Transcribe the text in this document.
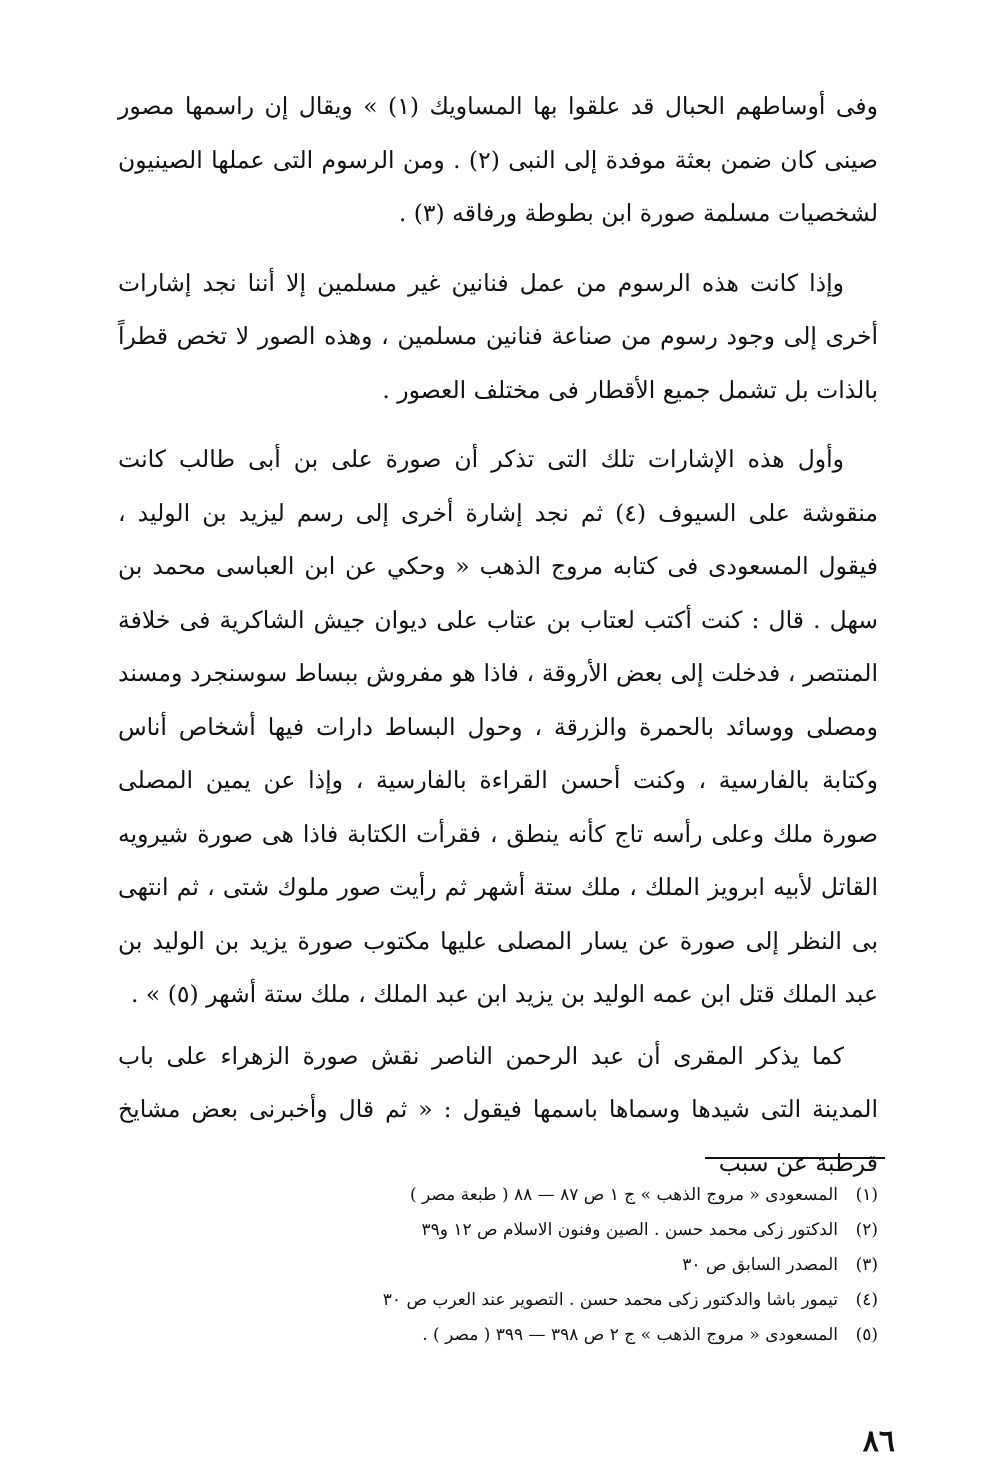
وفى أوساطهم الحبال قد علقوا بها المساويك (١) » ويقال إن راسمها مصور صينى كان ضمن بعثة موفدة إلى النبى (٢) . ومن الرسوم التى عملها الصينيون لشخصيات مسلمة صورة ابن بطوطة ورفاقه (٣) .

وإذا كانت هذه الرسوم من عمل فنانين غير مسلمين إلا أننا نجد إشارات أخرى إلى وجود رسوم من صناعة فنانين مسلمين ، وهذه الصور لا تخص قطراً بالذات بل تشمل جميع الأقطار فى مختلف العصور .

وأول هذه الإشارات تلك التى تذكر أن صورة على بن أبى طالب كانت منقوشة على السيوف (٤) ثم نجد إشارة أخرى إلى رسم ليزيد بن الوليد ، فيقول المسعودى فى كتابه مروج الذهب « وحكي عن ابن العباسى محمد بن سهل . قال : كنت أكتب لعتاب بن عتاب على ديوان جيش الشاكرية فى خلافة المنتصر ، فدخلت إلى بعض الأروقة ، فاذا هو مفروش ببساط سوسنجرد ومسند ومصلى ووسائد بالحمرة والزرقة ، وحول البساط دارات فيها أشخاص أناس وكتابة بالفارسية ، وكنت أحسن القراءة بالفارسية ، وإذا عن يمين المصلى صورة ملك وعلى رأسه تاج كأنه ينطق ، فقرأت الكتابة فاذا هى صورة شيرويه القاتل لأبيه ابرويز الملك ، ملك ستة أشهر ثم رأيت صور ملوك شتى ، ثم انتهى بى النظر إلى صورة عن يسار المصلى عليها مكتوب صورة يزيد بن الوليد بن عبد الملك قتل ابن عمه الوليد بن يزيد ابن عبد الملك ، ملك ستة أشهر (٥) » .

كما يذكر المقرى أن عبد الرحمن الناصر نقش صورة الزهراء على باب المدينة التى شيدها وسماها باسمها فيقول : « ثم قال وأخبرنى بعض مشايخ قرطبة عن سبب

(١)
المسعودى « مروج الذهب » ج ١ ص ٨٧ — ٨٨ ( طبعة مصر )
(٢)
الدكتور زكى محمد حسن . الصين وفنون الاسلام ص ١٢ و٣٩
(٣)
المصدر السابق ص ٣٠
(٤)
تيمور باشا والدكتور زكى محمد حسن . التصوير عند العرب ص ٣٠
(٥)
المسعودى « مروج الذهب » ج ٢ ص ٣٩٨ — ٣٩٩ ( مصر ) .
٨٦
